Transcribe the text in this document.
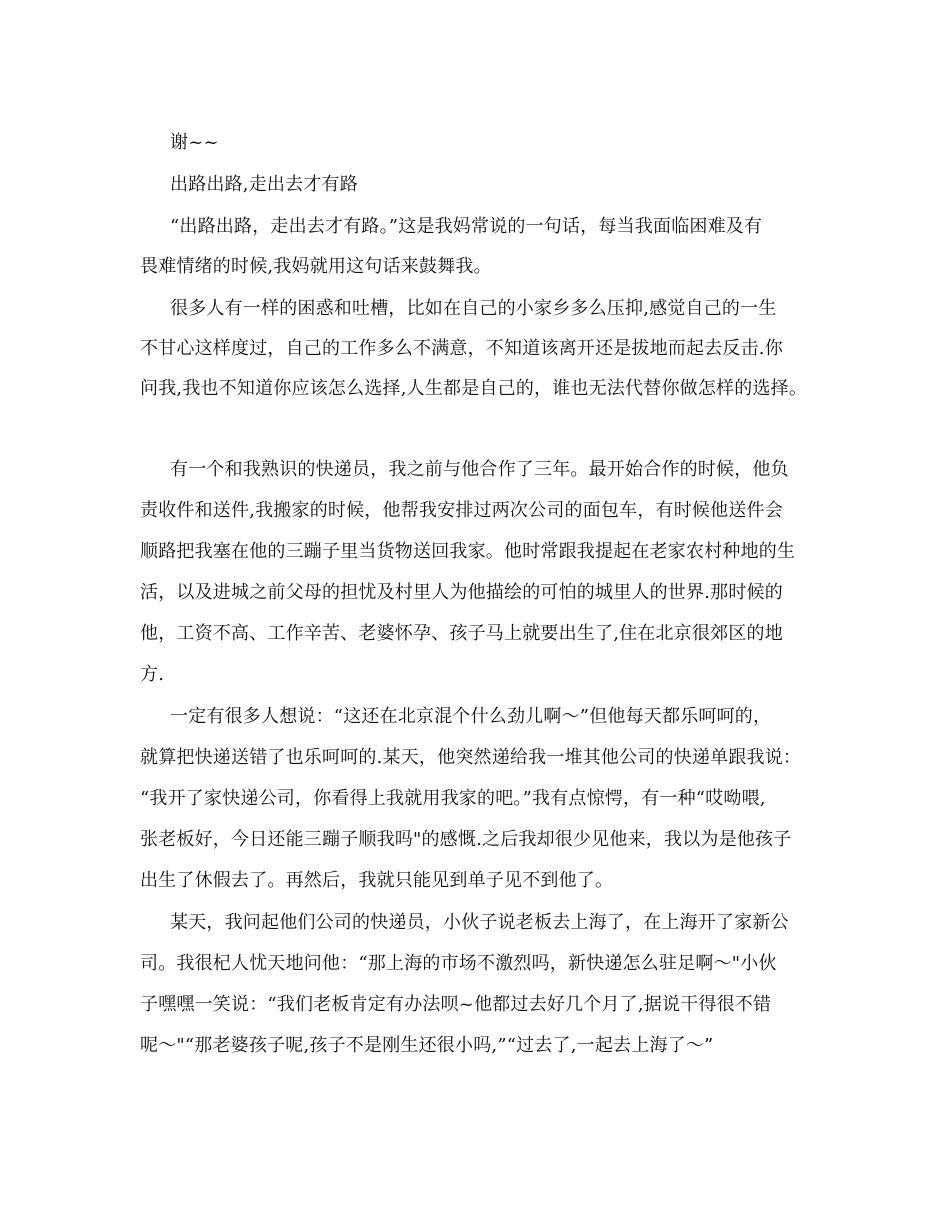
谢~~
出路出路,走出去才有路
“出路出路，走出去才有路。”这是我妈常说的一句话，每当我面临困难及有
畏难情绪的时候,我妈就用这句话来鼓舞我。
很多人有一样的困惑和吐槽，比如在自己的小家乡多么压抑,感觉自己的一生
不甘心这样度过，自己的工作多么不满意，不知道该离开还是拔地而起去反击.你
问我,我也不知道你应该怎么选择,人生都是自己的，谁也无法代替你做怎样的选择。
有一个和我熟识的快递员，我之前与他合作了三年。最开始合作的时候，他负
责收件和送件,我搬家的时候，他帮我安排过两次公司的面包车，有时候他送件会
顺路把我塞在他的三蹦子里当货物送回我家。他时常跟我提起在老家农村种地的生
活，以及进城之前父母的担忧及村里人为他描绘的可怕的城里人的世界.那时候的
他，工资不高、工作辛苦、老婆怀孕、孩子马上就要出生了,住在北京很郊区的地
方.
一定有很多人想说：“这还在北京混个什么劲儿啊～”但他每天都乐呵呵的，
就算把快递送错了也乐呵呵的.某天，他突然递给我一堆其他公司的快递单跟我说：
“我开了家快递公司，你看得上我就用我家的吧。”我有点惊愕，有一种“哎呦喂,
张老板好，今日还能三蹦子顺我吗"的感慨.之后我却很少见他来，我以为是他孩子
出生了休假去了。再然后，我就只能见到单子见不到他了。
某天，我问起他们公司的快递员，小伙子说老板去上海了，在上海开了家新公
司。我很杞人忧天地问他：“那上海的市场不激烈吗，新快递怎么驻足啊～"小伙
子嘿嘿一笑说：“我们老板肯定有办法呗~他都过去好几个月了,据说干得很不错
呢～"“那老婆孩子呢,孩子不是刚生还很小吗,”“过去了,一起去上海了～”
